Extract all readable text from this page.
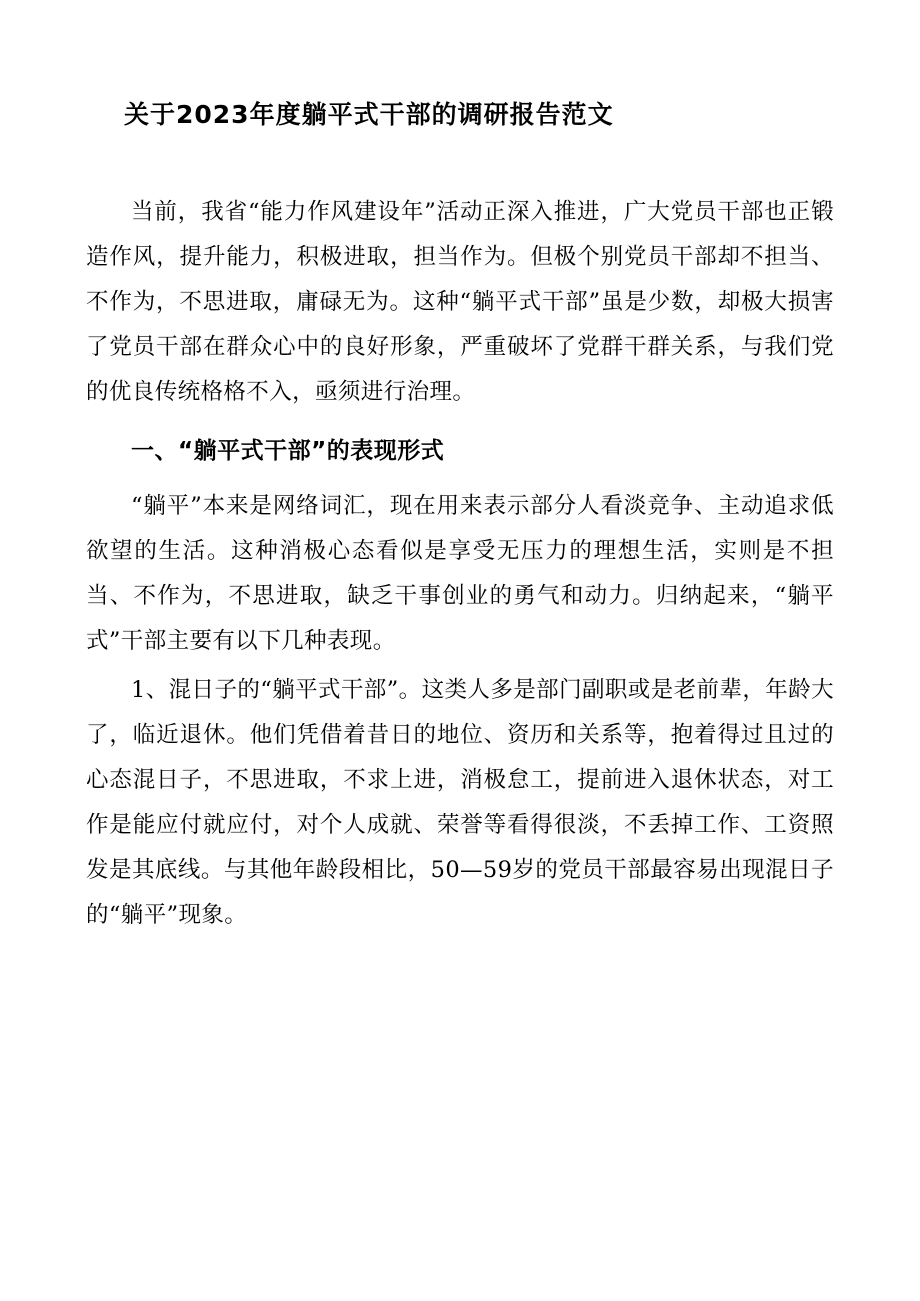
关于2023年度躺平式干部的调研报告范文

当前，我省“能力作风建设年”活动正深入推进，广大党员干部也正锻造作风，提升能力，积极进取，担当作为。但极个别党员干部却不担当、不作为，不思进取，庸碌无为。这种“躺平式干部”虽是少数，却极大损害了党员干部在群众心中的良好形象，严重破坏了党群干群关系，与我们党的优良传统格格不入，亟须进行治理。

一、“躺平式干部”的表现形式

“躺平”本来是网络词汇，现在用来表示部分人看淡竞争、主动追求低欲望的生活。这种消极心态看似是享受无压力的理想生活，实则是不担当、不作为，不思进取，缺乏干事创业的勇气和动力。归纳起来，“躺平式”干部主要有以下几种表现。

1、混日子的“躺平式干部”。这类人多是部门副职或是老前辈，年龄大了，临近退休。他们凭借着昔日的地位、资历和关系等，抱着得过且过的心态混日子，不思进取，不求上进，消极怠工，提前进入退休状态，对工作是能应付就应付，对个人成就、荣誉等看得很淡，不丢掉工作、工资照发是其底线。与其他年龄段相比，50—59岁的党员干部最容易出现混日子的“躺平”现象。
